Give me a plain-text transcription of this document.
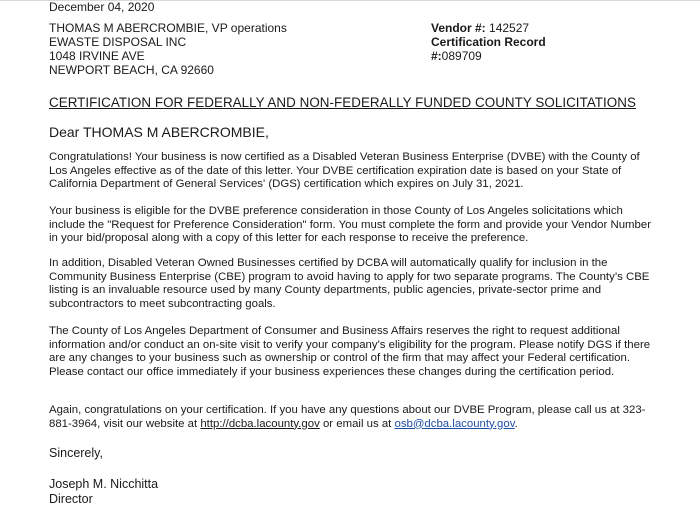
December 04, 2020
THOMAS M ABERCROMBIE, VP operations
EWASTE DISPOSAL INC
1048 IRVINE AVE
NEWPORT BEACH, CA 92660
Vendor #: 142527
Certification Record
#:089709
CERTIFICATION FOR FEDERALLY AND NON-FEDERALLY FUNDED COUNTY SOLICITATIONS
Dear THOMAS M ABERCROMBIE,
Congratulations! Your business is now certified as a Disabled Veteran Business Enterprise (DVBE) with the County of Los Angeles effective as of the date of this letter. Your DVBE certification expiration date is based on your State of California Department of General Services' (DGS) certification which expires on July 31, 2021.
Your business is eligible for the DVBE preference consideration in those County of Los Angeles solicitations which include the "Request for Preference Consideration" form. You must complete the form and provide your Vendor Number in your bid/proposal along with a copy of this letter for each response to receive the preference.
In addition, Disabled Veteran Owned Businesses certified by DCBA will automatically qualify for inclusion in the Community Business Enterprise (CBE) program to avoid having to apply for two separate programs. The County’s CBE listing is an invaluable resource used by many County departments, public agencies, private-sector prime and subcontractors to meet subcontracting goals.
The County of Los Angeles Department of Consumer and Business Affairs reserves the right to request additional information and/or conduct an on-site visit to verify your company's eligibility for the program. Please notify DGS if there are any changes to your business such as ownership or control of the firm that may affect your Federal certification. Please contact our office immediately if your business experiences these changes during the certification period.
Again, congratulations on your certification. If you have any questions about our DVBE Program, please call us at 323-881-3964, visit our website at http://dcba.lacounty.gov or email us at osb@dcba.lacounty.gov.
Sincerely,
Joseph M. Nicchitta
Director
